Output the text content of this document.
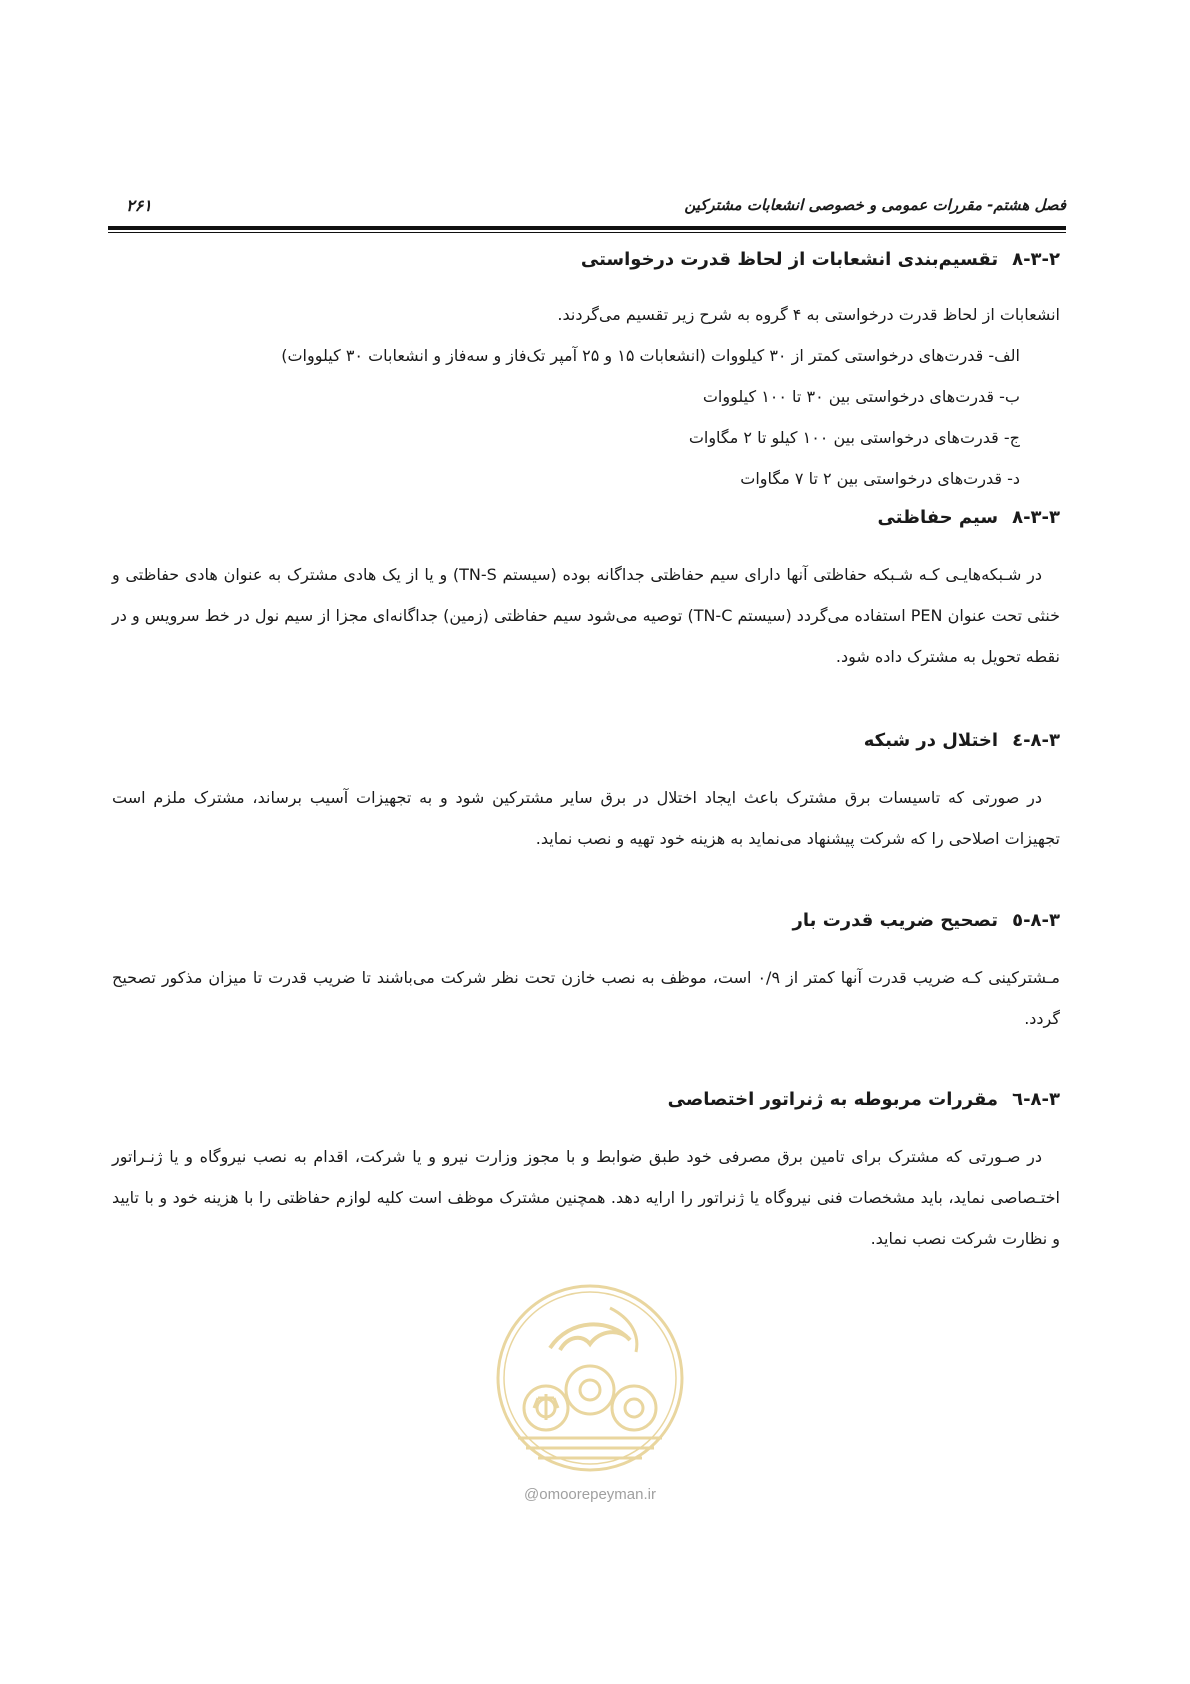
فصل هشتم- مقررات عمومی و خصوصی انشعابات مشترکین
۲۶۱
۸-۳-۲تقسیم‌بندی انشعابات از لحاظ قدرت درخواستی

انشعابات از لحاظ قدرت درخواستی به ۴ گروه به شرح زیر تقسیم می‌گردند.

الف- قدرت‌های درخواستی کمتر از ۳۰ کیلووات (انشعابات ۱۵ و ۲۵ آمپر تک‌فاز و سه‌فاز و انشعابات ۳۰ کیلووات)
ب- قدرت‌های درخواستی بین ۳۰ تا ۱۰۰ کیلووات
ج- قدرت‌های درخواستی بین ۱۰۰ کیلو تا ۲ مگاوات
د- قدرت‌های درخواستی بین ۲ تا ۷ مگاوات
۸-۳-۳سیم حفاظتی

در شـبکه‌هایـی کـه شـبکه حفاظتی آنها دارای سیم حفاظتی جداگانه بوده (سیستم TN-S) و یا از یک هادی مشترک به عنوان هادی حفاظتی و خنثی تحت عنوان PEN استفاده می‌گردد (سیستم TN-C) توصیه می‌شود سیم حفاظتی (زمین) جداگانه‌ای مجزا از سیم نول در خط سرویس و در نقطه تحویل به مشترک داده شود.

۸-۳-٤اختلال در شبکه

در صورتی که تاسیسات برق مشترک باعث ایجاد اختلال در برق سایر مشترکین شود و به تجهیزات آسیب برساند، مشترک ملزم است تجهیزات اصلاحی را که شرکت پیشنهاد می‌نماید به هزینه خود تهیه و نصب نماید.

۸-۳-٥تصحیح ضریب قدرت بار

مـشترکینی کـه ضریب قدرت آنها کمتر از ۰/۹ است، موظف به نصب خازن تحت نظر شرکت می‌باشند تا ضریب قدرت تا میزان مذکور تصحیح گردد.

۸-۳-٦مقررات مربوطه به ژنراتور اختصاصی

در صـورتی که مشترک برای تامین برق مصرفی خود طبق ضوابط و با مجوز وزارت نیرو و یا شرکت، اقدام به نصب نیروگاه و یا ژنـراتور اختـصاصی نماید، باید مشخصات فنی نیروگاه یا ژنراتور را ارایه دهد. همچنین مشترک موظف است کلیه لوازم حفاظتی را با هزینه خود و با تایید و نظارت شرکت نصب نماید.

@omoorepeyman.ir
